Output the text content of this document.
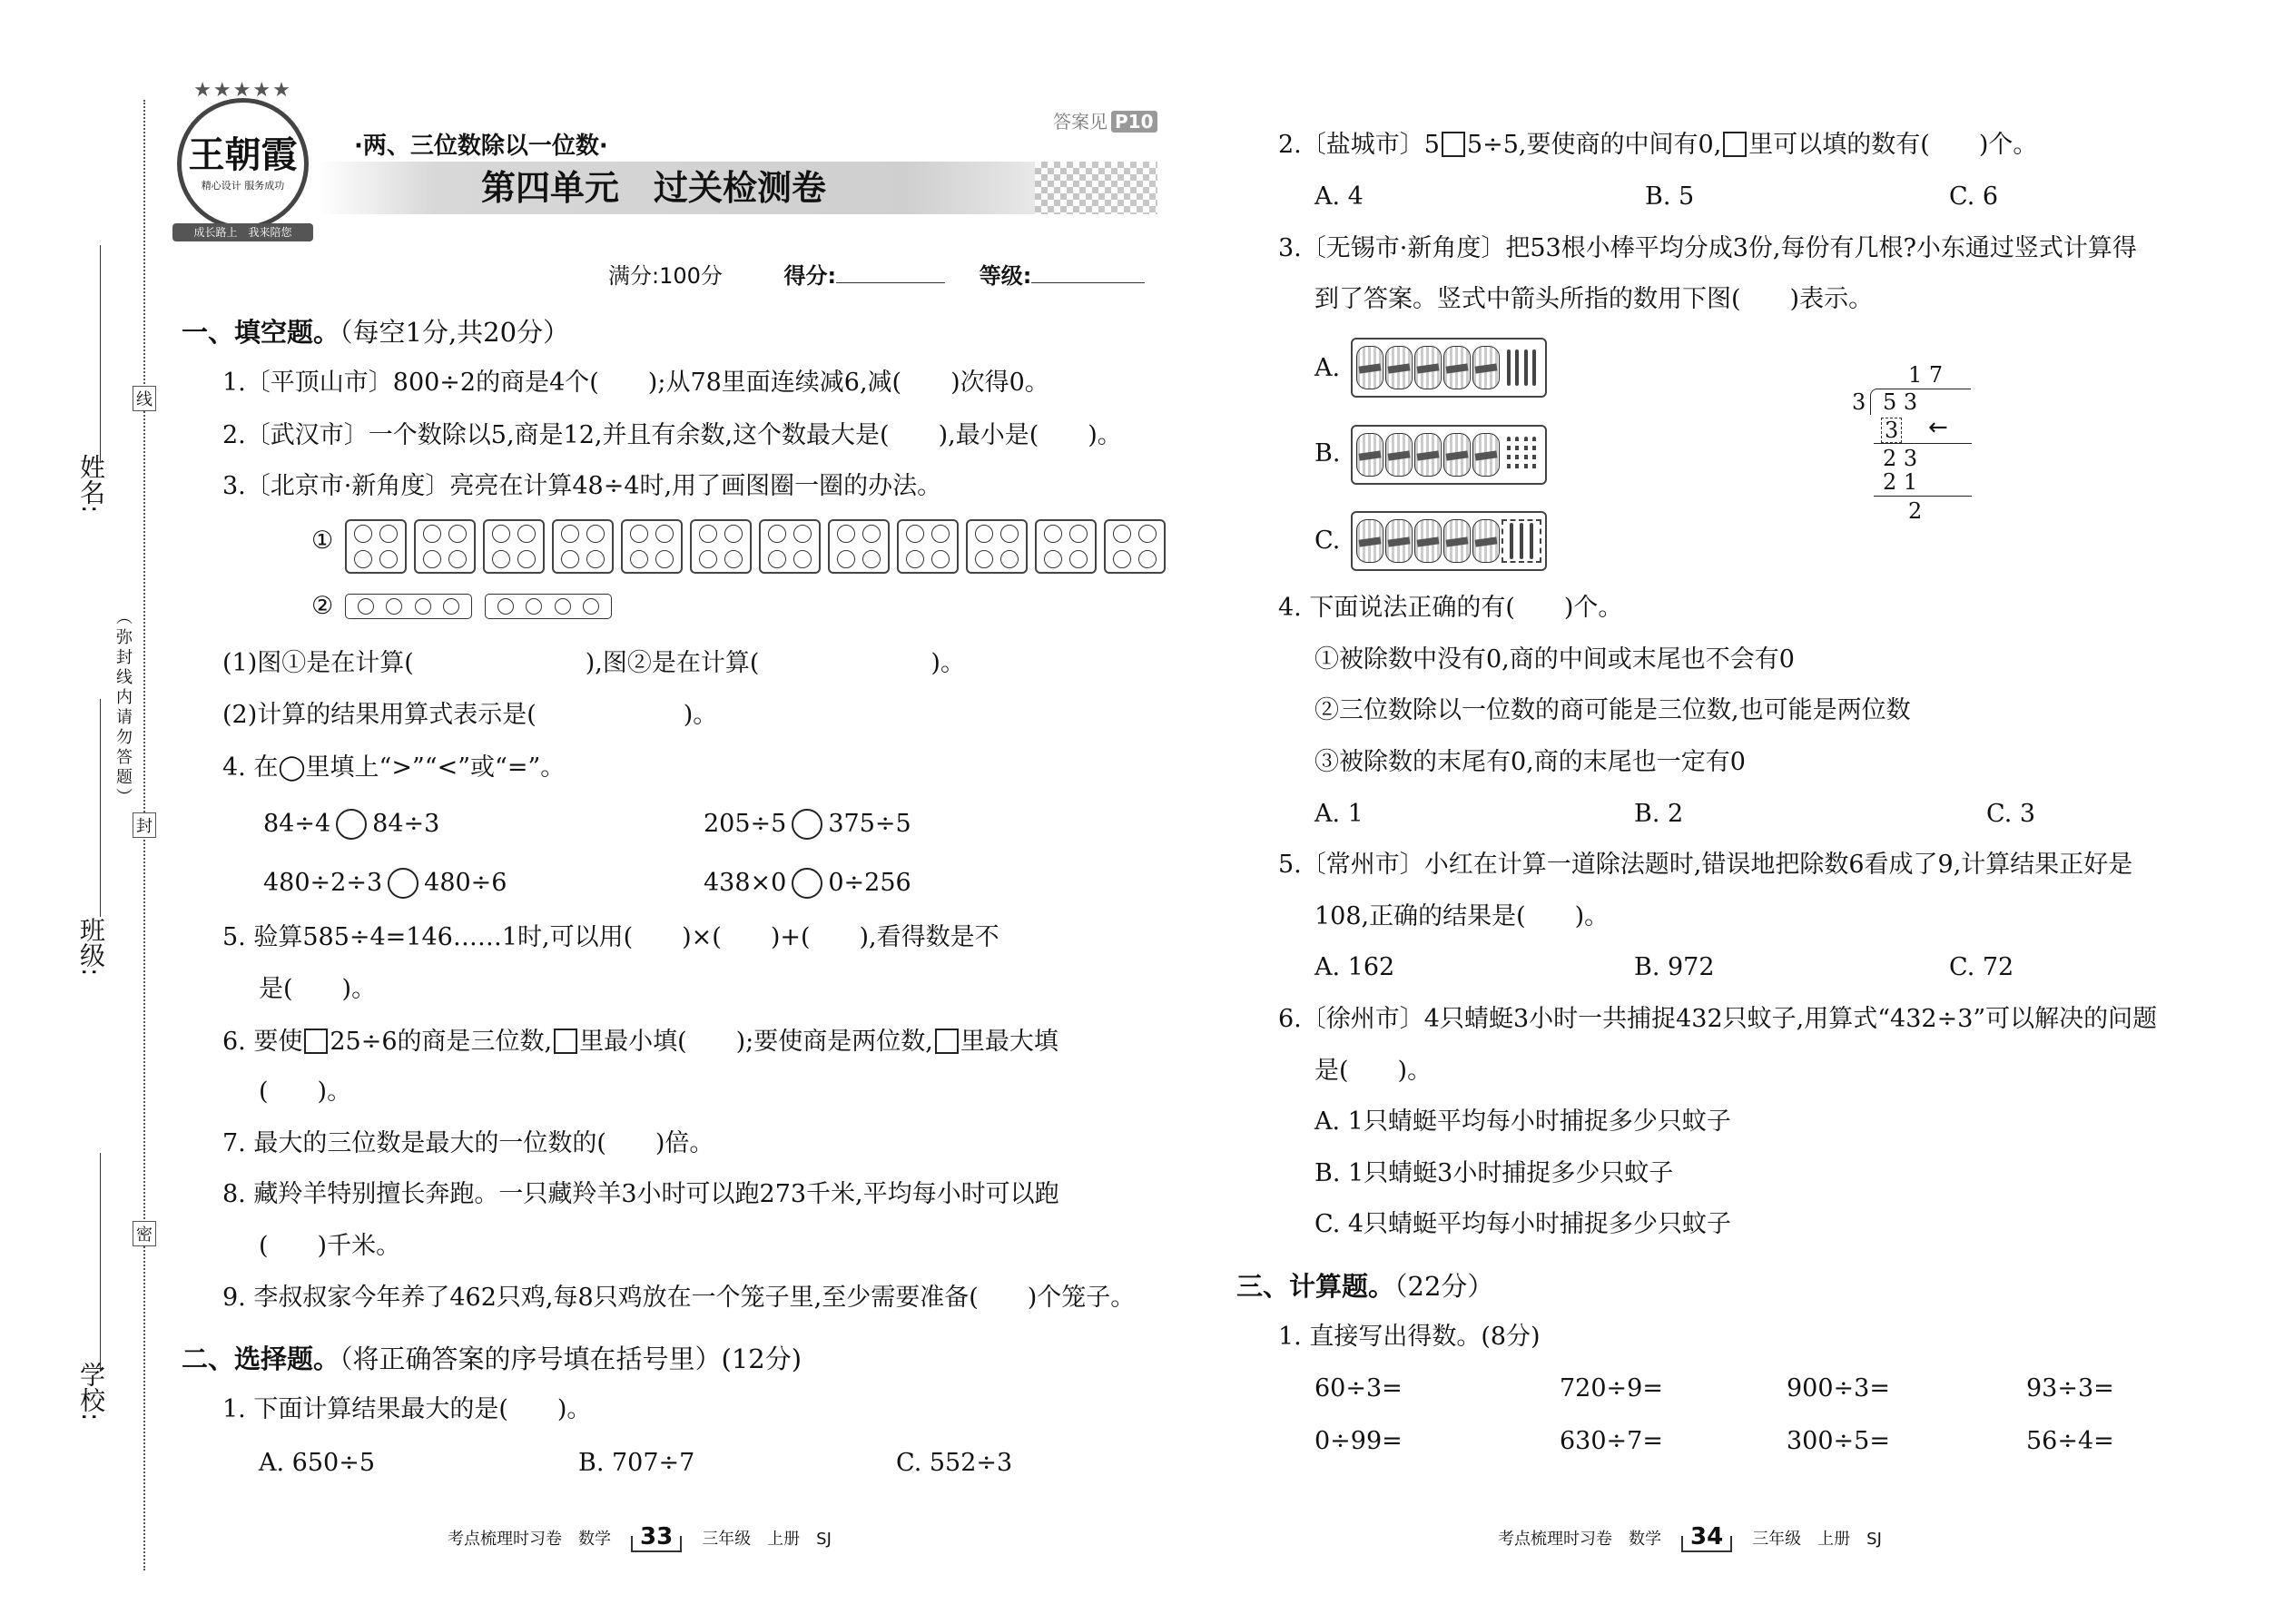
姓名:
班级:
学校:
线
（弥封线内请勿答题）
封
密
★★★★★
王朝霞
精心设计 服务成功
成长路上　 我来陪您
·两、三位数除以一位数·
第四单元　过关检测卷
答案见 P10
满分:100分	得分:	等级:
一、填空题。（每空1分,共20分）
1.〔平顶山市〕800÷2的商是4个(　　);从78里面连续减6,减(　　)次得0。
2.〔武汉市〕一个数除以5,商是12,并且有余数,这个数最大是(　　),最小是(　　)。
3.〔北京市·新角度〕亮亮在计算48÷4时,用了画图圈一圈的办法。
①
②
(1)图①是在计算(　　　　　　　),图②是在计算(　　　　　　　)。
(2)计算的结果用算式表示是(　　　　　　)。
4. 在◯里填上“>”“<”或“=”。
84÷4 84÷3	205÷5 375÷5
480÷2÷3 480÷6	438×0 0÷256
5. 验算585÷4=146……1时,可以用(　　)×(　　)+(　　),看得数是不
是(　　)。
6. 要使 25÷6的商是三位数, 里最小填(　　);要使商是两位数, 里最大填
(　　)。
7. 最大的三位数是最大的一位数的(　　)倍。
8. 藏羚羊特别擅长奔跑。一只藏羚羊3小时可以跑273千米,平均每小时可以跑
(　　)千米。
9. 李叔叔家今年养了462只鸡,每8只鸡放在一个笼子里,至少需要准备(　　)个笼子。
二、选择题。（将正确答案的序号填在括号里）(12分)
1. 下面计算结果最大的是(　　)。
A. 650÷5	B. 707÷7	C. 552÷3
考点梳理时习卷　数学 33 三年级　上册　SJ
2.〔盐城市〕5 5÷5,要使商的中间有0, 里可以填的数有(　　)个。
A. 4	B. 5	C. 6
3.〔无锡市·新角度〕把53根小棒平均分成3份,每份有几根?小东通过竖式计算得
到了答案。竖式中箭头所指的数用下图(　　)表示。
A.
B.
C.
1 7
3 5 3
3 ←
2 3
2 1
2
4. 下面说法正确的有(　　)个。
①被除数中没有0,商的中间或末尾也不会有0
②三位数除以一位数的商可能是三位数,也可能是两位数
③被除数的末尾有0,商的末尾也一定有0
A. 1	B. 2	C. 3
5.〔常州市〕小红在计算一道除法题时,错误地把除数6看成了9,计算结果正好是
108,正确的结果是(　　)。
A. 162	B. 972	C. 72
6.〔徐州市〕4只蜻蜓3小时一共捕捉432只蚊子,用算式“432÷3”可以解决的问题
是(　　)。
A. 1只蜻蜓平均每小时捕捉多少只蚊子
B. 1只蜻蜓3小时捕捉多少只蚊子
C. 4只蜻蜓平均每小时捕捉多少只蚊子
三、计算题。（22分）
1. 直接写出得数。(8分)
60÷3=	720÷9=	900÷3=	93÷3=
0÷99=	630÷7=	300÷5=	56÷4=
考点梳理时习卷　数学 34 三年级　上册　SJ
